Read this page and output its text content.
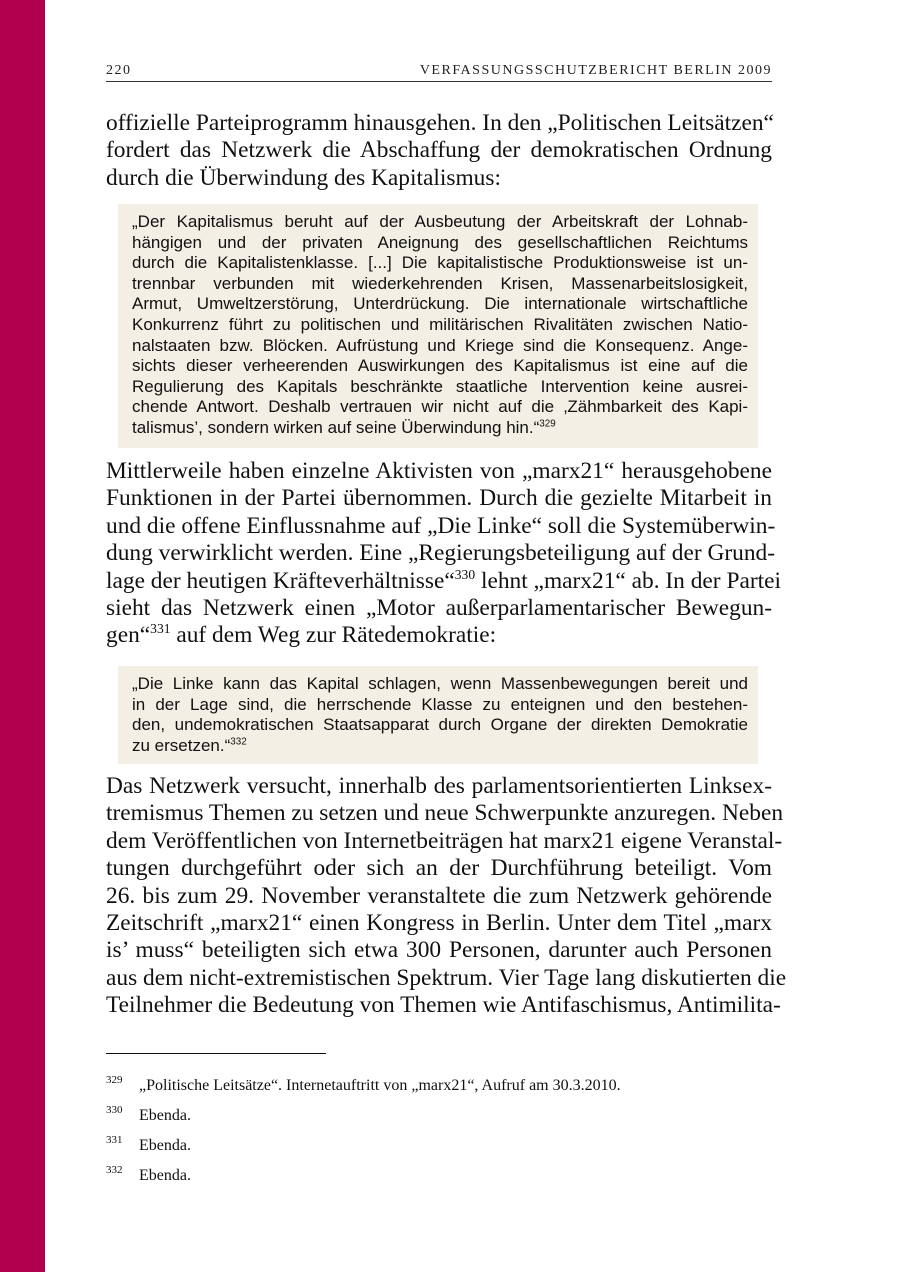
220	VERFASSUNGSSCHUTZBERICHT BERLIN 2009

offizielle Parteiprogramm hinausgehen. In den „Politischen Leitsätzen“
fordert das Netzwerk die Abschaffung der demokratischen Ordnung
durch die Überwindung des Kapitalismus:

„Der Kapitalismus beruht auf der Ausbeutung der Arbeitskraft der Lohnab-
hängigen und der privaten Aneignung des gesellschaftlichen Reichtums
durch die Kapitalistenklasse. [...] Die kapitalistische Produktionsweise ist un-
trennbar verbunden mit wiederkehrenden Krisen, Massenarbeitslosigkeit,
Armut, Umweltzerstörung, Unterdrückung. Die internationale wirtschaftliche
Konkurrenz führt zu politischen und militärischen Rivalitäten zwischen Natio-
nalstaaten bzw. Blöcken. Aufrüstung und Kriege sind die Konsequenz. Ange-
sichts dieser verheerenden Auswirkungen des Kapitalismus ist eine auf die
Regulierung des Kapitals beschränkte staatliche Intervention keine ausrei-
chende Antwort. Deshalb vertrauen wir nicht auf die ‚Zähmbarkeit des Kapi-
talismus’, sondern wirken auf seine Überwindung hin.“$^{329}$

Mittlerweile haben einzelne Aktivisten von „marx21“ herausgehobene
Funktionen in der Partei übernommen. Durch die gezielte Mitarbeit in
und die offene Einflussnahme auf „Die Linke“ soll die Systemüberwin-
dung verwirklicht werden. Eine „Regierungsbeteiligung auf der Grund-
lage der heutigen Kräfteverhältnisse“$^{330}$ lehnt „marx21“ ab. In der Partei
sieht das Netzwerk einen „Motor außerparlamentarischer Bewegun-
gen“$^{331}$ auf dem Weg zur Rätedemokratie:

„Die Linke kann das Kapital schlagen, wenn Massenbewegungen bereit und
in der Lage sind, die herrschende Klasse zu enteignen und den bestehen-
den, undemokratischen Staatsapparat durch Organe der direkten Demokratie
zu ersetzen.“$^{332}$

Das Netzwerk versucht, innerhalb des parlamentsorientierten Linksex-
tremismus Themen zu setzen und neue Schwerpunkte anzuregen. Neben
dem Veröffentlichen von Internetbeiträgen hat marx21 eigene Veranstal-
tungen durchgeführt oder sich an der Durchführung beteiligt. Vom
26. bis zum 29. November veranstaltete die zum Netzwerk gehörende
Zeitschrift „marx21“ einen Kongress in Berlin. Unter dem Titel „marx
is’ muss“ beteiligten sich etwa 300 Personen, darunter auch Personen
aus dem nicht-extremistischen Spektrum. Vier Tage lang diskutierten die
Teilnehmer die Bedeutung von Themen wie Antifaschismus, Antimilita-

329 „Politische Leitsätze“. Internetauftritt von „marx21“, Aufruf am 30.3.2010.
330 Ebenda.
331 Ebenda.
332 Ebenda.
